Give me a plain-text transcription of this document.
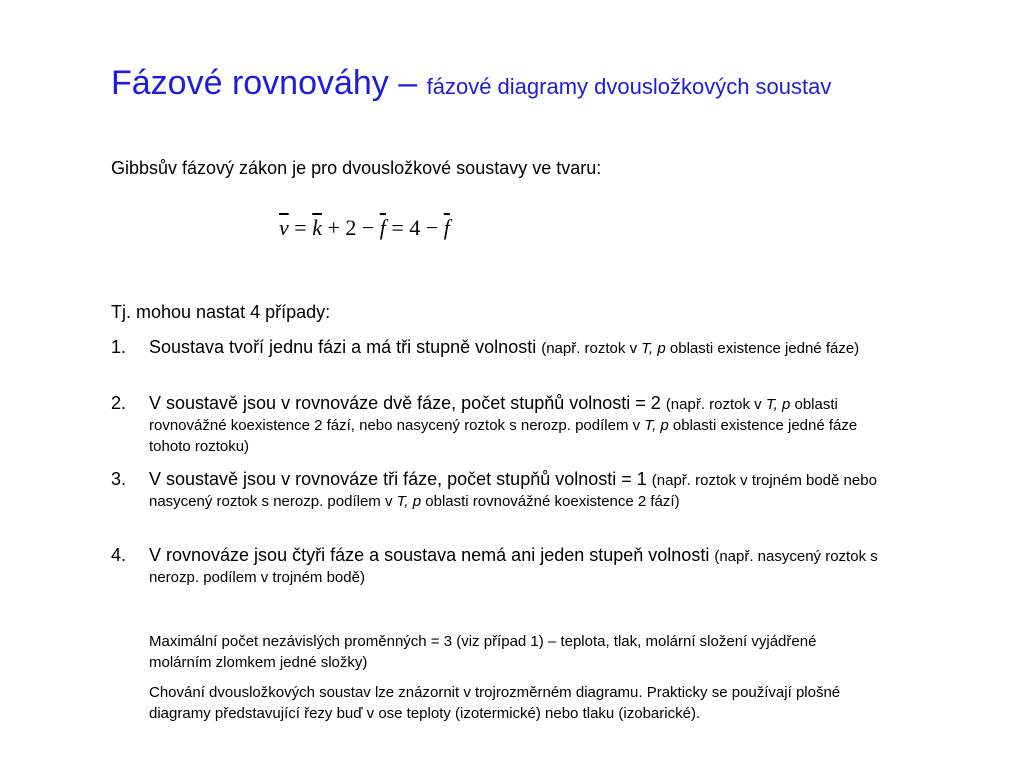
Fázové rovnováhy – fázové diagramy dvousložkových soustav
Gibbsův fázový zákon je pro dvousložkové soustavy ve tvaru:
$\overline{v} = \overline{k} + 2 - \overline{f} = 4 - \overline{f}$
Tj. mohou nastat 4 případy:
1. Soustava tvoří jednu fázi a má tři stupně volnosti (např. roztok v T, p oblasti existence jedné fáze)
2. V soustavě jsou v rovnováze dvě fáze, počet stupňů volnosti = 2 (např. roztok v T, p oblasti rovnovážné koexistence 2 fází, nebo nasycený roztok s nerozp. podílem v T, p oblasti existence jedné fáze tohoto roztoku)
3. V soustavě jsou v rovnováze tři fáze, počet stupňů volnosti = 1 (např. roztok v trojném bodě nebo nasycený roztok s nerozp. podílem v T, p oblasti rovnovážné koexistence 2 fází)
4. V rovnováze jsou čtyři fáze a soustava nemá ani jeden stupeň volnosti (např. nasycený roztok s nerozp. podílem v trojném bodě)
Maximální počet nezávislých proměnných = 3 (viz případ 1) – teplota, tlak, molární složení vyjádřené molárním zlomkem jedné složky)
Chování dvousložkových soustav lze znázornit v trojrozměrném diagramu. Prakticky se používají plošné diagramy představující řezy buď v ose teploty (izotermické) nebo tlaku (izobarické).
